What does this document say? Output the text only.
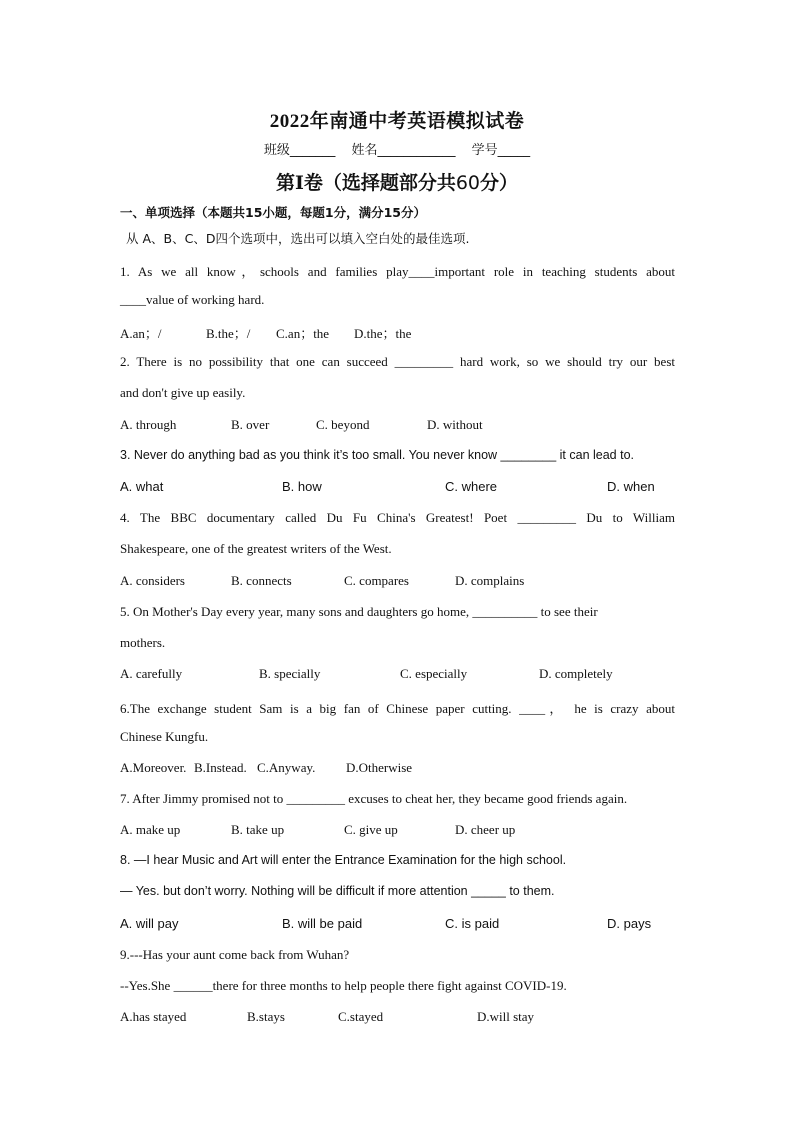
2022年南通中考英语模拟试卷
班级_______ 姓名____________ 学号_____
第Ⅰ卷（选择题部分共60分）
一、单项选择（本题共15小题，每题1分，满分15分）
从 A、B、C、D四个选项中，选出可以填入空白处的最佳选项.
1. As we all know，schools and families play____important role in teaching students about
____value of working hard.
A.an；/	B.the；/ C.an；the D.the；the
2. There is no possibility that one can succeed _________ hard work, so we should try our best
and don't give up easily.
A. through	B. over	C. beyond	D. without
3. Never do anything bad as you think it’s too small. You never know ________ it can lead to.
A. what	B. how	C. where	D. when
4. The BBC documentary called Du Fu China's Greatest! Poet _________ Du to William
Shakespeare, one of the greatest writers of the West.
A. considers	B. connects	C. compares	D. complains
5. On Mother's Day every year, many sons and daughters go home, __________ to see their
mothers.
A. carefully	B. specially	C. especially	D. completely
6.The exchange student Sam is a big fan of Chinese paper cutting. ____， he is crazy about
Chinese Kungfu.
A.Moreover. B.Instead. C.Anyway. D.Otherwise
7. After Jimmy promised not to _________ excuses to cheat her, they became good friends again.
A. make up	B. take up	C. give up	D. cheer up
8. —I hear Music and Art will enter the Entrance Examination for the high school.
— Yes. but don’t worry. Nothing will be difficult if more attention _____ to them.
A. will pay	B. will be paid	C. is paid	D. pays
9.---Has your aunt come back from Wuhan?
--Yes.She ______there for three months to help people there fight against COVID-19.
A.has stayed	B.stays	C.stayed	D.will stay
